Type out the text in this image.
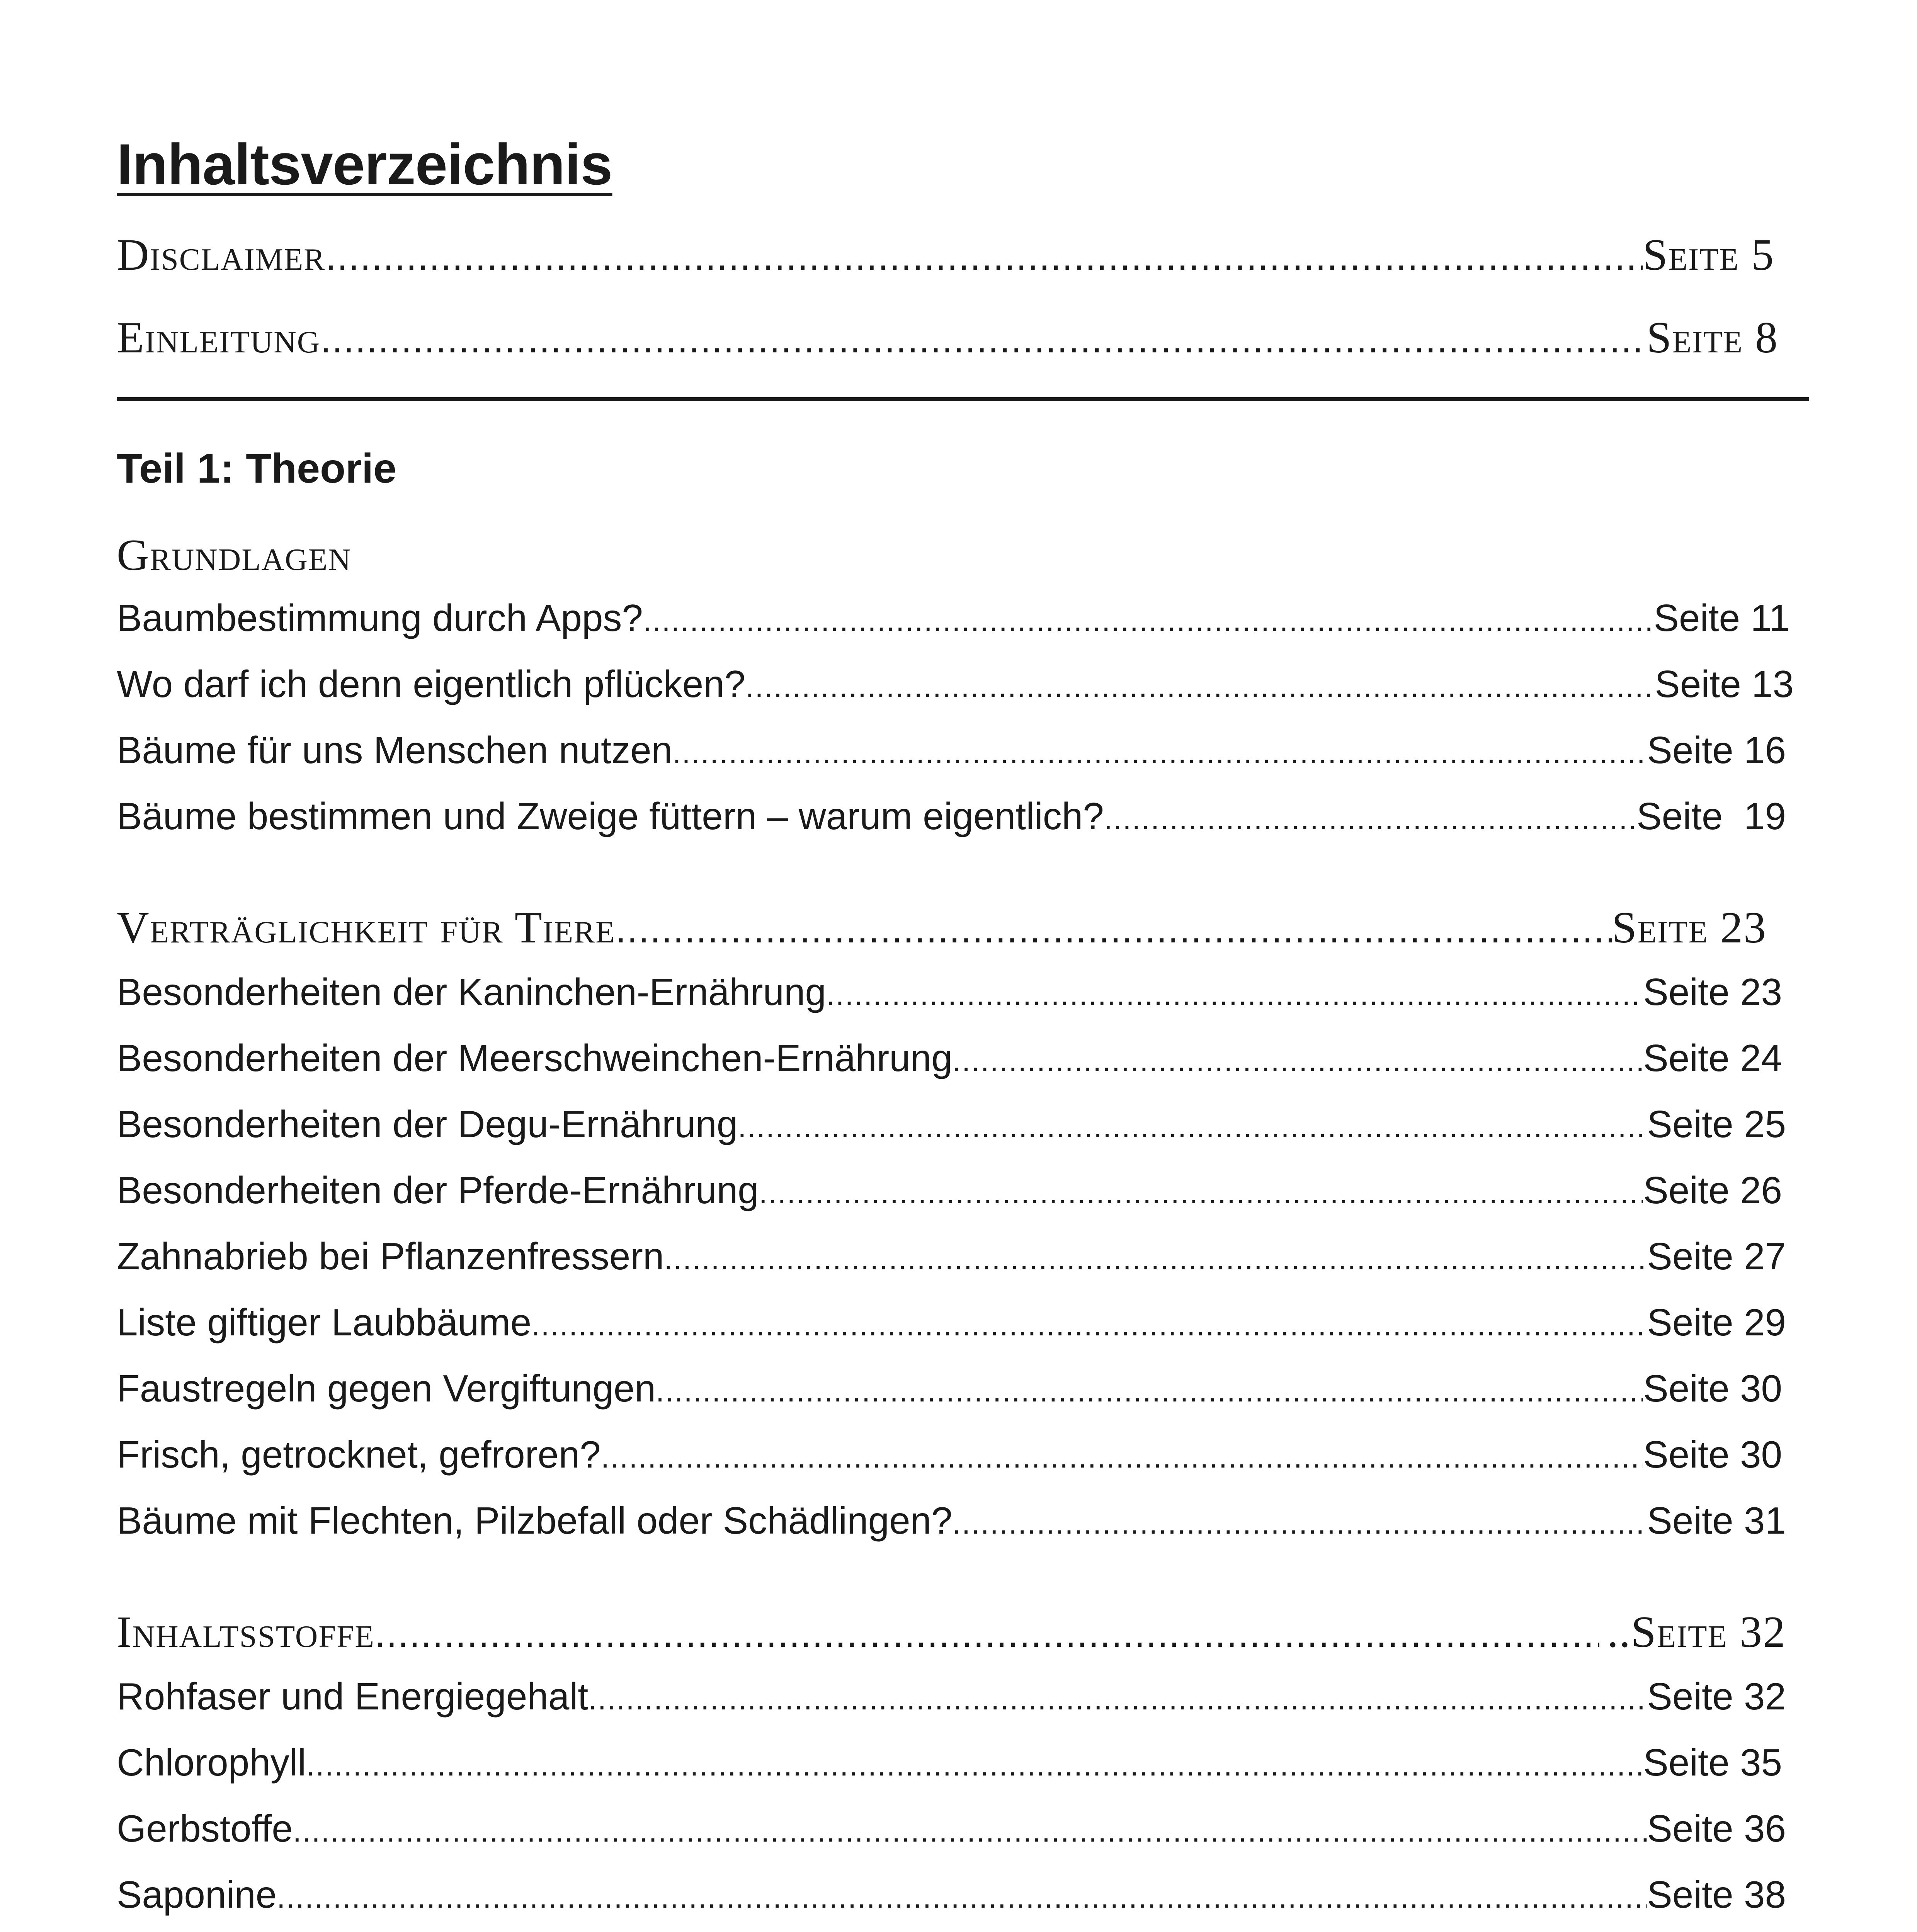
Inhaltsverzeichnis
Disclaimer .....	Seite 5
Einleitung .....	Seite 8
Teil 1: Theorie
Grundlagen
Baumbestimmung durch Apps? .....	Seite 11
Wo darf ich denn eigentlich pflücken? .....	Seite 13
Bäume für uns Menschen nutzen .....	Seite 16
Bäume bestimmen und Zweige füttern – warum eigentlich? .....	Seite  19
Verträglichkeit für Tiere .....	Seite 23
Besonderheiten der Kaninchen-Ernährung .....	Seite 23
Besonderheiten der Meerschweinchen-Ernährung .....	Seite 24
Besonderheiten der Degu-Ernährung .....	Seite 25
Besonderheiten der Pferde-Ernährung .....	Seite 26
Zahnabrieb bei Pflanzenfressern .....	Seite 27
Liste giftiger Laubbäume .....	Seite 29
Faustregeln gegen Vergiftungen .....	Seite 30
Frisch, getrocknet, gefroren? .....	Seite 30
Bäume mit Flechten, Pilzbefall oder Schädlingen? .....	Seite 31
Inhaltsstoffe .....	..Seite 32
Rohfaser und Energiegehalt .....	Seite 32
Chlorophyll .....	Seite 35
Gerbstoffe .....	Seite 36
Saponine .....	Seite 38
.....
